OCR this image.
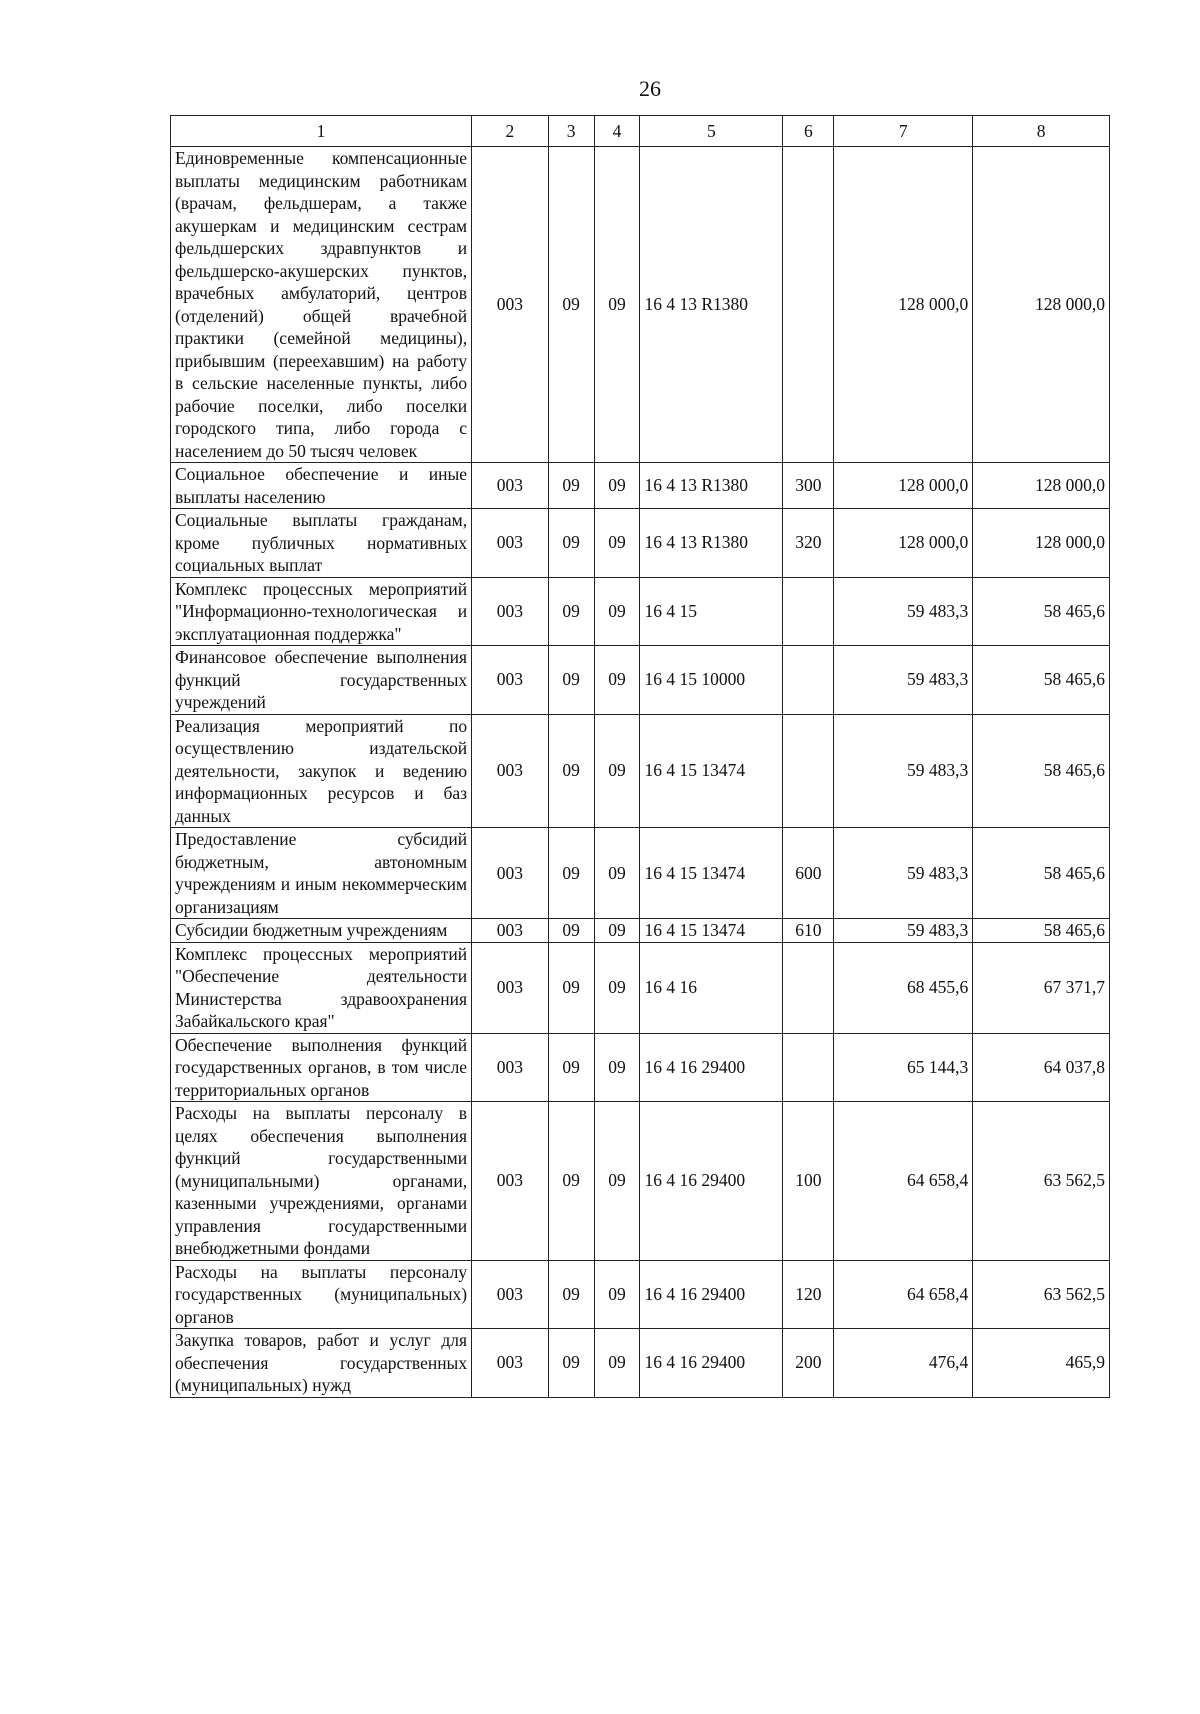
26
1	2	3	4	5	6	7	8
Единовременные компенсационные выплаты медицинским работникам (врачам, фельдшерам, а также акушеркам и медицинским сестрам фельдшерских здравпунктов и фельдшерско-акушерских пунктов, врачебных амбулаторий, центров (отделений) общей врачебной практики (семейной медицины), прибывшим (переехавшим) на работу в сельские населенные пункты, либо рабочие поселки, либо поселки городского типа, либо города с населением до 50 тысяч человек	003	09	09	16 4 13 R1380		128 000,0	128 000,0
Социальное обеспечение и иные выплаты населению	003	09	09	16 4 13 R1380	300	128 000,0	128 000,0
Социальные выплаты гражданам, кроме публичных нормативных социальных выплат	003	09	09	16 4 13 R1380	320	128 000,0	128 000,0
Комплекс процессных мероприятий "Информационно-технологическая и эксплуатационная поддержка"	003	09	09	16 4 15		59 483,3	58 465,6
Финансовое обеспечение выполнения функций государственных учреждений	003	09	09	16 4 15 10000		59 483,3	58 465,6
Реализация мероприятий по осуществлению издательской деятельности, закупок и ведению информационных ресурсов и баз данных	003	09	09	16 4 15 13474		59 483,3	58 465,6
Предоставление субсидий бюджетным, автономным учреждениям и иным некоммерческим организациям	003	09	09	16 4 15 13474	600	59 483,3	58 465,6
Субсидии бюджетным учреждениям	003	09	09	16 4 15 13474	610	59 483,3	58 465,6
Комплекс процессных мероприятий "Обеспечение деятельности Министерства здравоохранения Забайкальского края"	003	09	09	16 4 16		68 455,6	67 371,7
Обеспечение выполнения функций государственных органов, в том числе территориальных органов	003	09	09	16 4 16 29400		65 144,3	64 037,8
Расходы на выплаты персоналу в целях обеспечения выполнения функций государственными (муниципальными) органами, казенными учреждениями, органами управления государственными внебюджетными фондами	003	09	09	16 4 16 29400	100	64 658,4	63 562,5
Расходы на выплаты персоналу государственных (муниципальных) органов	003	09	09	16 4 16 29400	120	64 658,4	63 562,5
Закупка товаров, работ и услуг для обеспечения государственных (муниципальных) нужд	003	09	09	16 4 16 29400	200	476,4	465,9
